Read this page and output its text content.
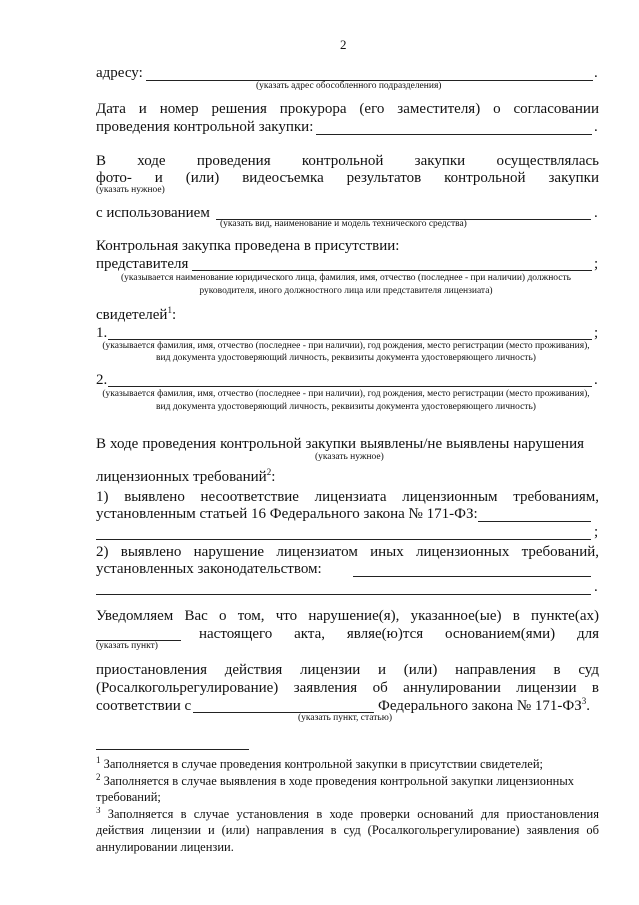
2
адресу:	.
(указать адрес обособленного подразделения)
Дата и номер решения прокурора (его заместителя) о согласовании
проведения контрольной закупки:	.
В ходе проведения контрольной закупки осуществлялась
фото- и (или) видеосъемка результатов контрольной закупки
(указать нужное)
с использованием	.
(указать вид, наименование и модель технического средства)
Контрольная закупка проведена в присутствии:
представителя	;
(указывается наименование юридического лица, фамилия, имя, отчество (последнее - при наличии) должность
руководителя, иного должностного лица или представителя лицензиата)
свидетелей$^1$:
1.	;
(указывается фамилия, имя, отчество (последнее - при наличии), год рождения, место регистрации (место проживания),
вид документа удостоверяющий личность, реквизиты документа удостоверяющего личность)
2.	.
(указывается фамилия, имя, отчество (последнее - при наличии), год рождения, место регистрации (место проживания),
вид документа удостоверяющий личность, реквизиты документа удостоверяющего личность)
В ходе проведения контрольной закупки выявлены/не выявлены нарушения
(указать нужное)
лицензионных требований$^2$:
1) выявлено несоответствие лицензиата лицензионным требованиям,
установленным статьей 16 Федерального закона № 171-ФЗ:
;
2) выявлено нарушение лицензиатом иных лицензионных требований,
установленных законодательством:
.
Уведомляем Вас о том, что нарушение(я), указанное(ые) в пункте(ах)
настоящего акта, являе(ю)тся основанием(ями) для
(указать пункт)
приостановления действия лицензии и (или) направления в суд
(Росалкогольрегулирование) заявления об аннулировании лицензии в
соответствии с	Федерального закона № $171-ФЗ^3$.
(указать пункт, статью)
$^1$ Заполняется в случае проведения контрольной закупки в присутствии свидетелей;
$^2$ Заполняется в случае выявления в ходе проведения контрольной закупки лицензионных
требований;
$^3$ Заполняется в случае установления в ходе проверки оснований для приостановления
действия лицензии и (или) направления в суд (Росалкогольрегулирование) заявления об
аннулировании лицензии.
